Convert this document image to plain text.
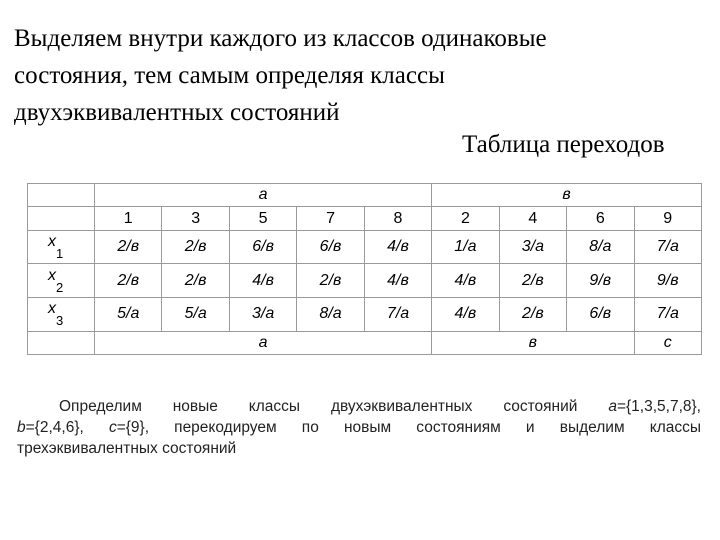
Выделяем внутри каждого из классов одинаковые
состояния, тем самым определяя классы
двухэквивалентных состояний

Таблица переходов
	а					в			
	1	3	5	7	8	2	4	6	9
$x_1$	2/в	2/в	6/в	6/в	4/в	1/а	3/а	8/а	7/а
$x_2$	2/в	2/в	4/в	2/в	4/в	4/в	2/в	9/в	9/в
$x_3$	5/а	5/а	3/а	8/а	7/а	4/в	2/в	6/в	7/а
	а					в			с

Определим новые классы двухэквивалентных состояний а={1,3,5,7,8},
b={2,4,6}, с={9}, перекодируем по новым состояниям и выделим классы
трехэквивалентных состояний
